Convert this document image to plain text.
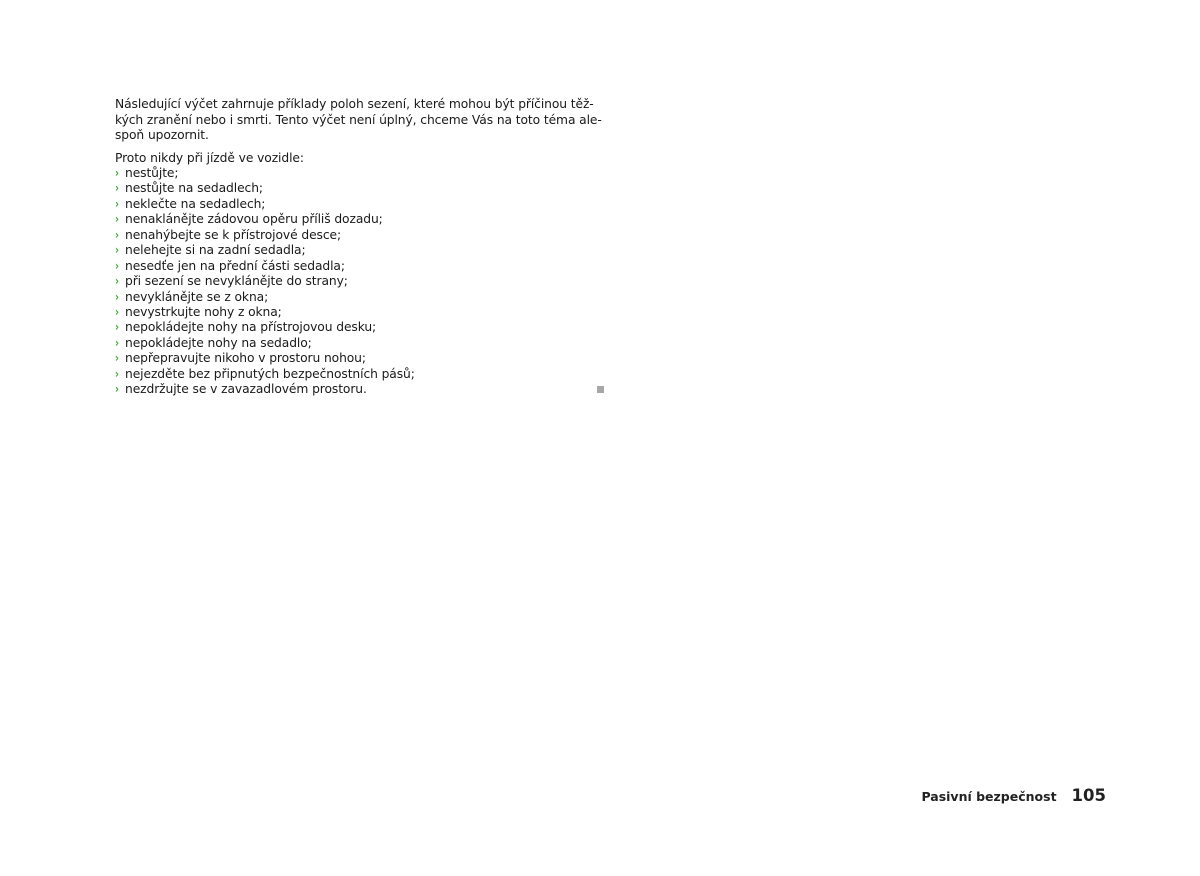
Následující výčet zahrnuje příklady poloh sezení, které mohou být příčinou těž-
kých zranění nebo i smrti. Tento výčet není úplný, chceme Vás na toto téma ale-
spoň upozornit.

Proto nikdy při jízdě ve vozidle:
› nestůjte;
› nestůjte na sedadlech;
› neklečte na sedadlech;
› nenaklánějte zádovou opěru příliš dozadu;
› nenahýbejte se k přístrojové desce;
› nelehejte si na zadní sedadla;
› nesedťe jen na přední části sedadla;
› při sezení se nevyklánějte do strany;
› nevyklánějte se z okna;
› nevystrkujte nohy z okna;
› nepokládejte nohy na přístrojovou desku;
› nepokládejte nohy na sedadlo;
› nepřepravujte nikoho v prostoru nohou;
› nejezděte bez připnutých bezpečnostních pásů;
› nezdržujte se v zavazadlovém prostoru.
Pasivní bezpečnost 105
